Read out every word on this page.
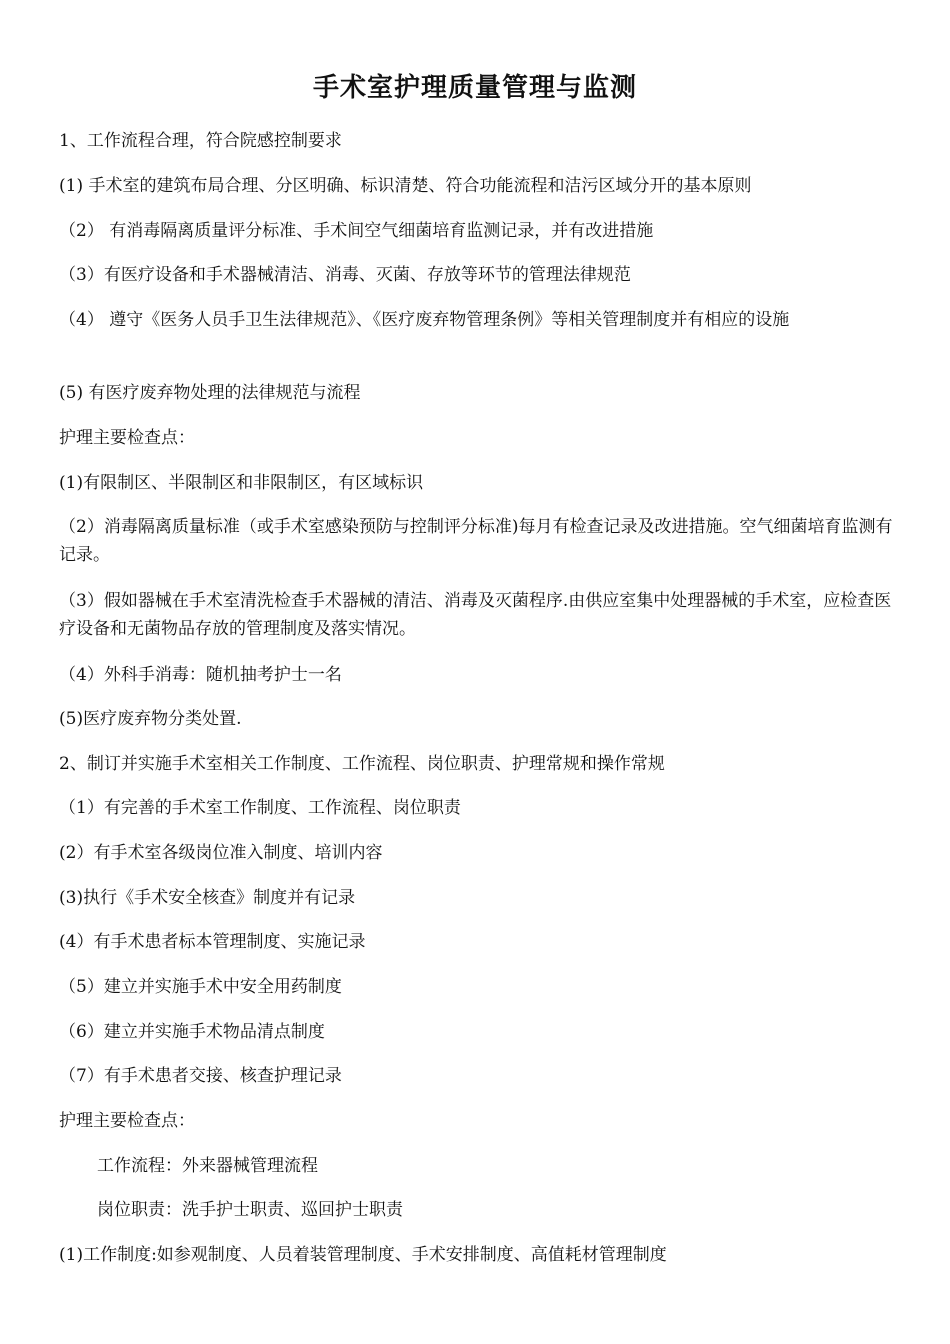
手术室护理质量管理与监测
1、工作流程合理，符合院感控制要求
(1) 手术室的建筑布局合理、分区明确、标识清楚、符合功能流程和洁污区域分开的基本原则
（2） 有消毒隔离质量评分标准、手术间空气细菌培育监测记录，并有改进措施
（3）有医疗设备和手术器械清洁、消毒、灭菌、存放等环节的管理法律规范
（4） 遵守《医务人员手卫生法律规范》、《医疗废弃物管理条例》等相关管理制度并有相应的设施
(5) 有医疗废弃物处理的法律规范与流程
护理主要检查点：
(1)有限制区、半限制区和非限制区，有区域标识
（2）消毒隔离质量标准（或手术室感染预防与控制评分标准)每月有检查记录及改进措施。空气细菌培育监测有记录。
（3）假如器械在手术室清洗检查手术器械的清洁、消毒及灭菌程序.由供应室集中处理器械的手术室，应检查医疗设备和无菌物品存放的管理制度及落实情况。
（4）外科手消毒：随机抽考护士一名
(5)医疗废弃物分类处置.
2、制订并实施手术室相关工作制度、工作流程、岗位职责、护理常规和操作常规
（1）有完善的手术室工作制度、工作流程、岗位职责
(2）有手术室各级岗位准入制度、培训内容
(3)执行《手术安全核查》制度并有记录
(4）有手术患者标本管理制度、实施记录
（5）建立并实施手术中安全用药制度
（6）建立并实施手术物品清点制度
（7）有手术患者交接、核查护理记录
护理主要检查点：
工作流程：外来器械管理流程
岗位职责：洗手护士职责、巡回护士职责
(1)工作制度:如参观制度、人员着装管理制度、手术安排制度、高值耗材管理制度
